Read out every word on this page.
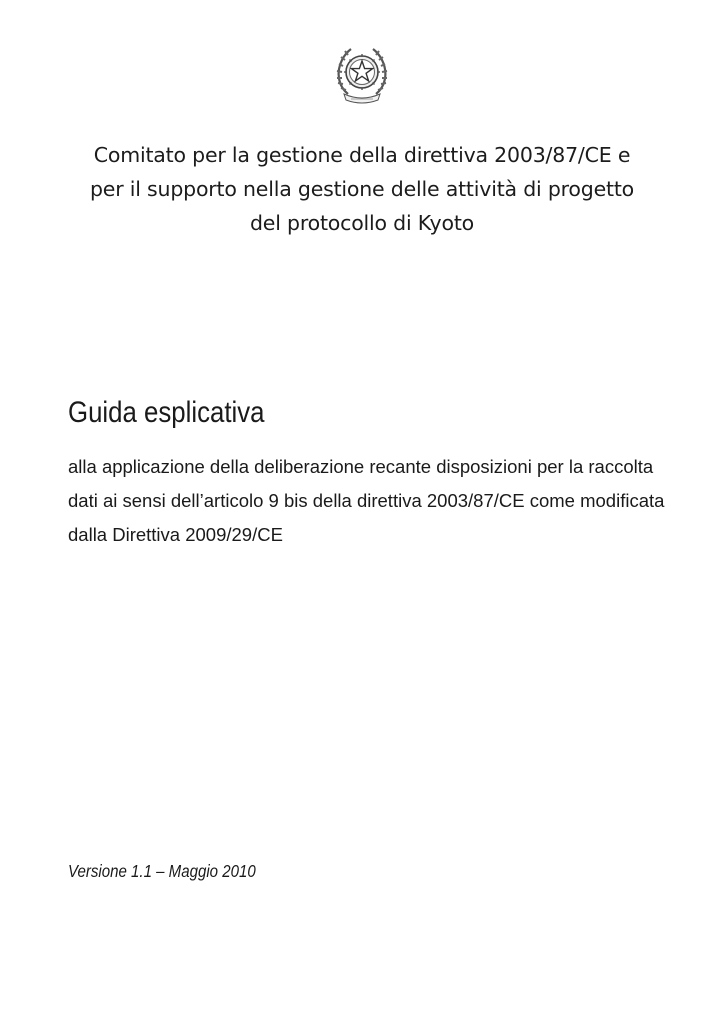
Comitato per la gestione della direttiva 2003/87/CE e
per il supporto nella gestione delle attività di progetto
del protocollo di Kyoto
Guida esplicativa
alla applicazione della deliberazione recante disposizioni per la raccolta
dati ai sensi dell’articolo 9 bis della direttiva 2003/87/CE come modificata
dalla Direttiva 2009/29/CE
Versione 1.1 – Maggio 2010
